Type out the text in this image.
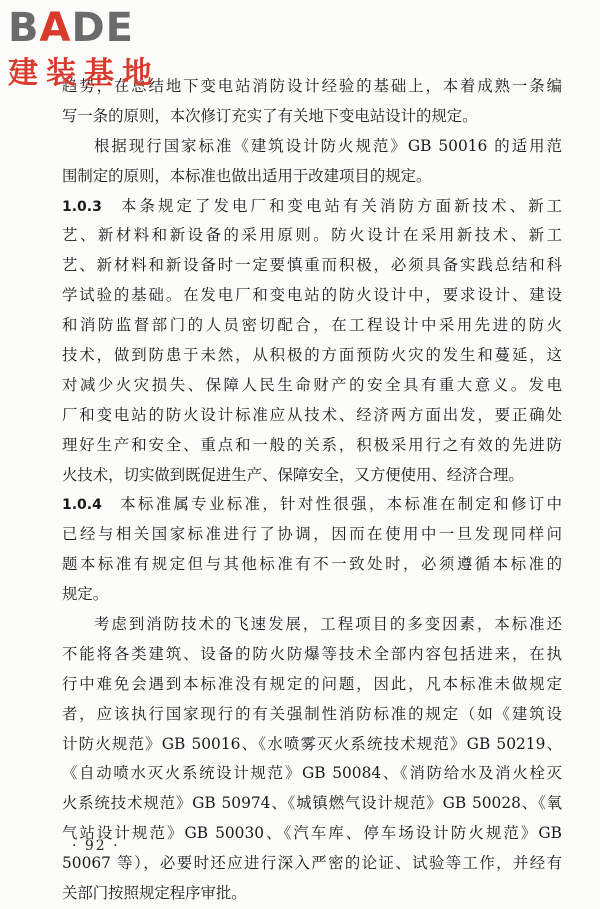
BADE
建装基地
趋势，在总结地下变电站消防设计经验的基础上，本着成熟一条编
写一条的原则，本次修订充实了有关地下变电站设计的规定。
根据现行国家标准《建筑设计防火规范》GB 50016 的适用范
围制定的原则，本标准也做出适用于改建项目的规定。
1.0.3 本条规定了发电厂和变电站有关消防方面新技术、新工
艺、新材料和新设备的采用原则。防火设计在采用新技术、新工
艺、新材料和新设备时一定要慎重而积极，必须具备实践总结和科
学试验的基础。在发电厂和变电站的防火设计中，要求设计、建设
和消防监督部门的人员密切配合，在工程设计中采用先进的防火
技术，做到防患于未然，从积极的方面预防火灾的发生和蔓延，这
对减少火灾损失、保障人民生命财产的安全具有重大意义。发电
厂和变电站的防火设计标准应从技术、经济两方面出发，要正确处
理好生产和安全、重点和一般的关系，积极采用行之有效的先进防
火技术，切实做到既促进生产、保障安全，又方便使用、经济合理。
1.0.4 本标准属专业标准，针对性很强，本标准在制定和修订中
已经与相关国家标准进行了协调，因而在使用中一旦发现同样问
题本标准有规定但与其他标准有不一致处时，必须遵循本标准的
规定。
考虑到消防技术的飞速发展，工程项目的多变因素，本标准还
不能将各类建筑、设备的防火防爆等技术全部内容包括进来，在执
行中难免会遇到本标准没有规定的问题，因此，凡本标准未做规定
者，应该执行国家现行的有关强制性消防标准的规定（如《建筑设
计防火规范》GB 50016、《水喷雾灭火系统技术规范》GB 50219、
《自动喷水灭火系统设计规范》GB 50084、《消防给水及消火栓灭
火系统技术规范》GB 50974、《城镇燃气设计规范》GB 50028、《氧
气站设计规范》GB 50030、《汽车库、停车场设计防火规范》GB
50067 等），必要时还应进行深入严密的论证、试验等工作，并经有
关部门按照规定程序审批。
· 92 ·
